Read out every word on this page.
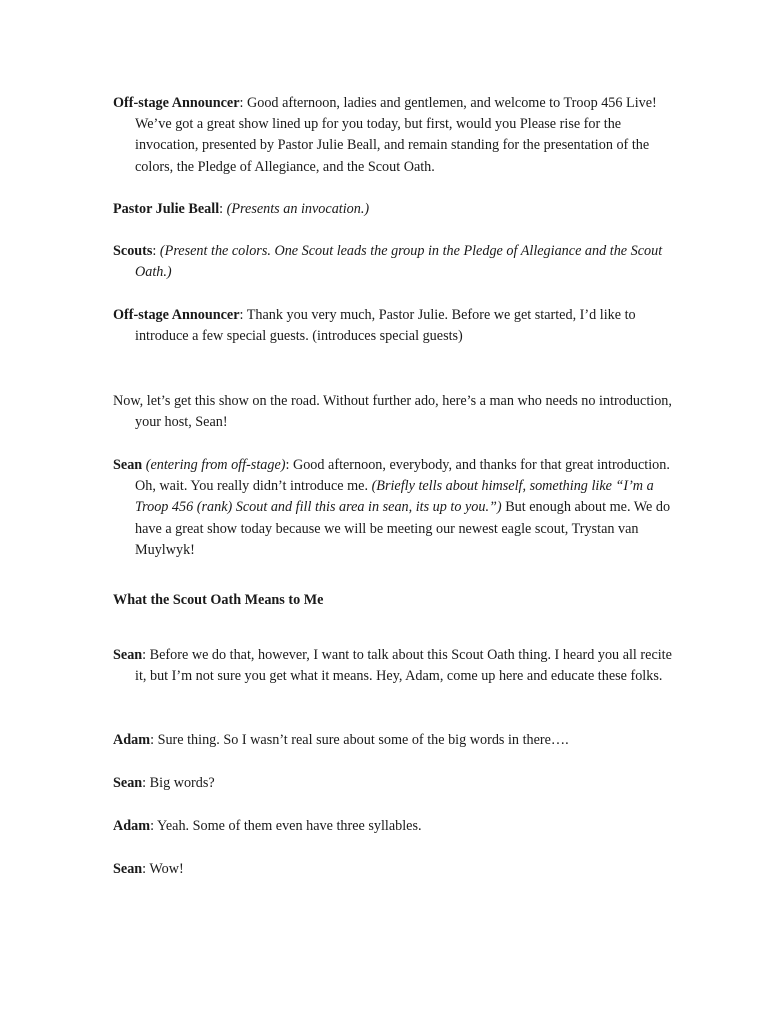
Off-stage Announcer: Good afternoon, ladies and gentlemen, and welcome to Troop 456 Live! We’ve got a great show lined up for you today, but first, would you Please rise for the invocation, presented by Pastor Julie Beall, and remain standing for the presentation of the colors, the Pledge of Allegiance, and the Scout Oath.

Pastor Julie Beall: (Presents an invocation.)

Scouts: (Present the colors. One Scout leads the group in the Pledge of Allegiance and the Scout Oath.)

Off-stage Announcer: Thank you very much, Pastor Julie. Before we get started, I’d like to introduce a few special guests. (introduces special guests)

Now, let’s get this show on the road. Without further ado, here’s a man who needs no introduction, your host, Sean!

Sean (entering from off-stage): Good afternoon, everybody, and thanks for that great introduction. Oh, wait. You really didn’t introduce me. (Briefly tells about himself, something like “I’m a Troop 456 (rank) Scout and fill this area in sean, its up to you.”) But enough about me. We do have a great show today because we will be meeting our newest eagle scout, Trystan van Muylwyk!

What the Scout Oath Means to Me

Sean: Before we do that, however, I want to talk about this Scout Oath thing. I heard you all recite it, but I’m not sure you get what it means. Hey, Adam, come up here and educate these folks.

Adam: Sure thing. So I wasn’t real sure about some of the big words in there….

Sean: Big words?

Adam: Yeah. Some of them even have three syllables.

Sean: Wow!
